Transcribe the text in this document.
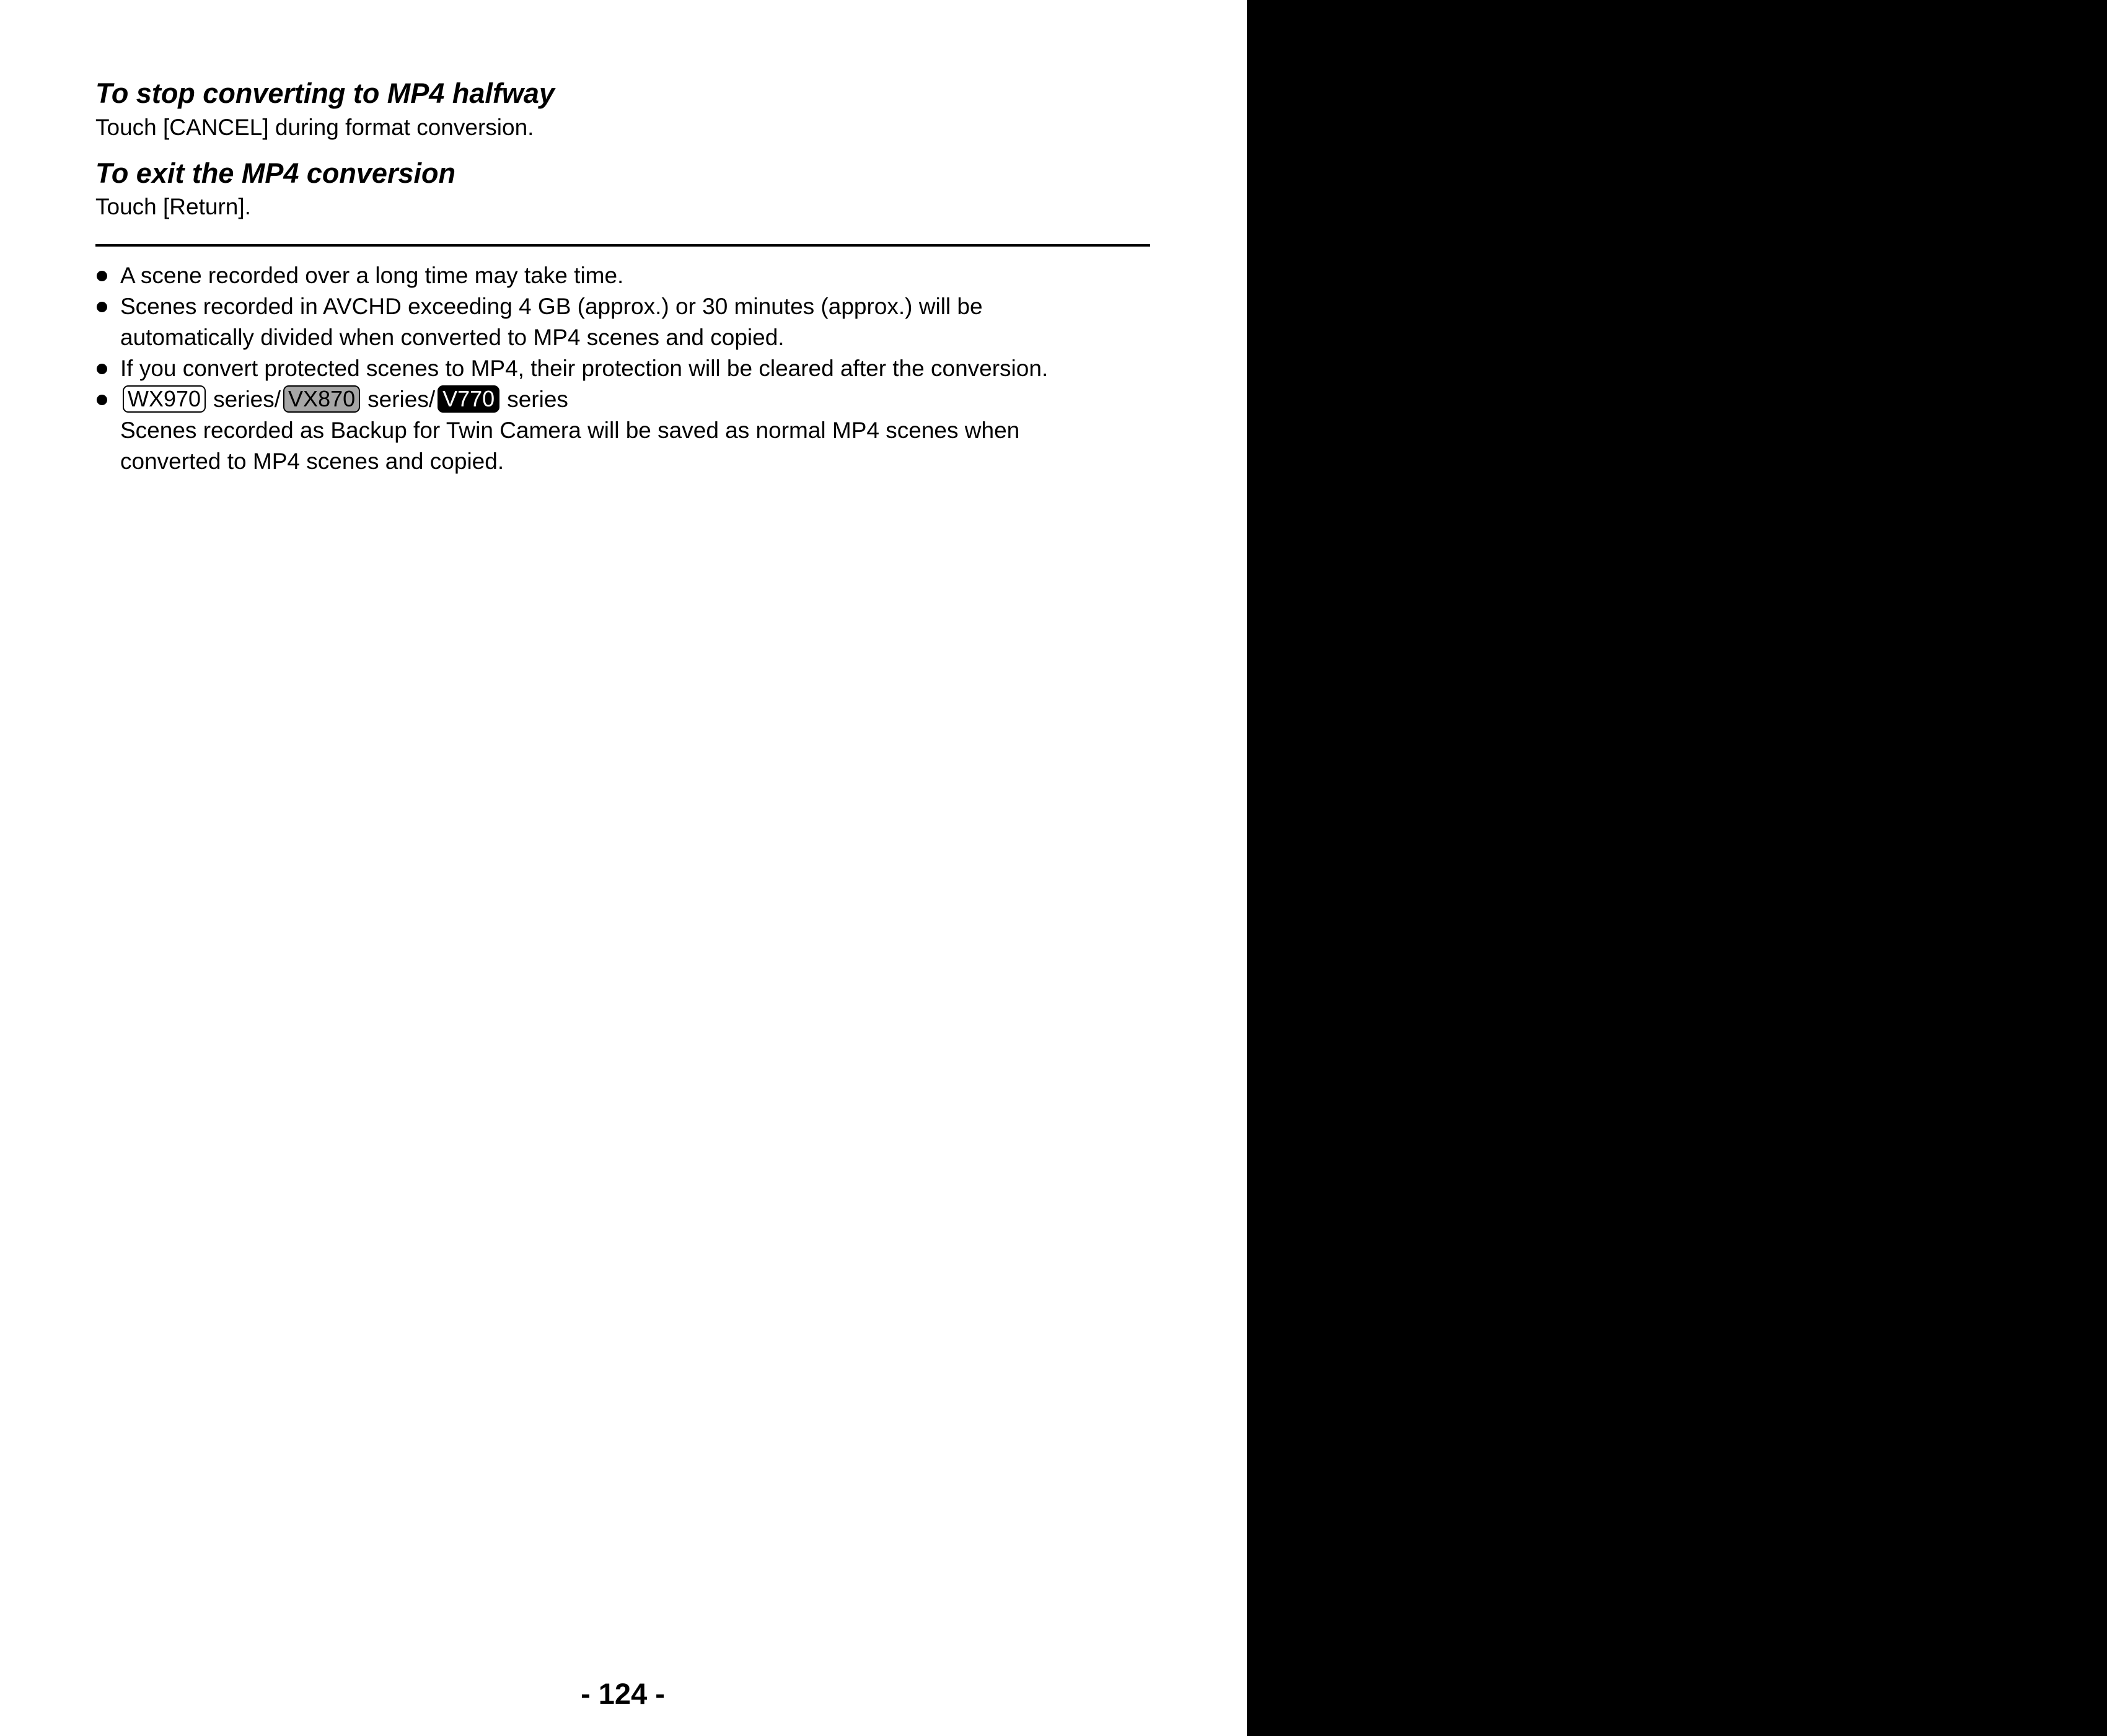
To stop converting to MP4 halfway
Touch [CANCEL] during format conversion.
To exit the MP4 conversion
Touch [Return].
A scene recorded over a long time may take time.
Scenes recorded in AVCHD exceeding 4 GB (approx.) or 30 minutes (approx.) will be
automatically divided when converted to MP4 scenes and copied.
If you convert protected scenes to MP4, their protection will be cleared after the conversion.
WX970 series/ VX870 series/ V770 series
Scenes recorded as Backup for Twin Camera will be saved as normal MP4 scenes when
converted to MP4 scenes and copied.
- 124 -
